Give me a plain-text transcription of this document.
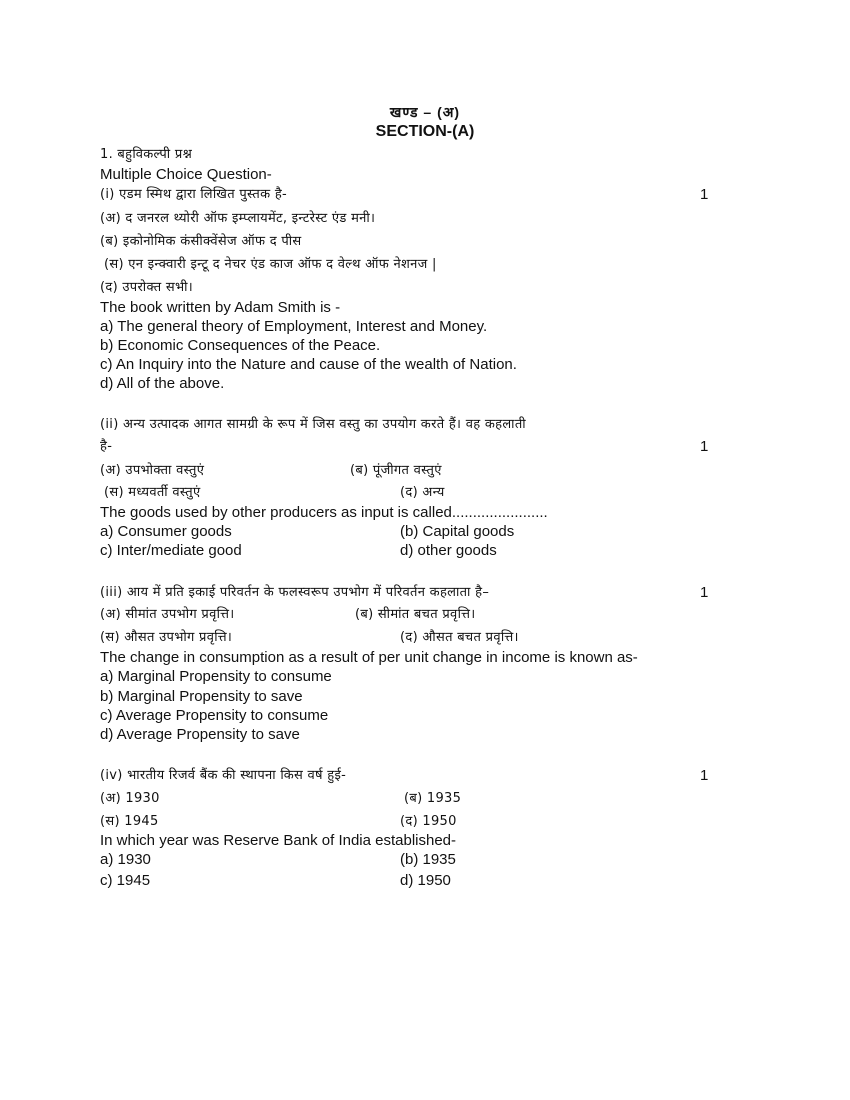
खण्ड – (अ)
SECTION-(A)
1. बहुविकल्पी प्रश्न
Multiple Choice Question-
(i) एडम स्मिथ द्वारा लिखित पुस्तक है-	1
(अ) द जनरल थ्योरी ऑफ इम्प्लायमेंट, इन्टरेस्ट एंड मनी।
(ब) इकोनोमिक कंसीक्वेंसेज ऑफ द पीस
(स) एन इन्क्वारी इन्टू द नेचर एंड काज ऑफ द वेल्थ ऑफ नेशनज |
(द) उपरोक्त सभी।
The book written by Adam Smith is -
a) The general theory of Employment, Interest and Money.
b) Economic Consequences of the Peace.
c) An Inquiry into the Nature and cause of the wealth of Nation.
d) All of the above.
(ii) अन्य उत्पादक आगत सामग्री के रूप में जिस वस्तु का उपयोग करते हैं। वह कहलाती
है-	1
(अ) उपभोक्ता वस्तुएं	(ब) पूंजीगत वस्तुएं
(स) मध्यवर्ती वस्तुएं	(द) अन्य
The goods used by other producers as input is called.......................
a) Consumer goods	(b) Capital goods
c) Inter/mediate good	d) other goods
(iii) आय में प्रति इकाई परिवर्तन के फलस्वरूप उपभोग में परिवर्तन कहलाता है–	1
(अ) सीमांत उपभोग प्रवृत्ति।	(ब) सीमांत बचत प्रवृत्ति।
(स) औसत उपभोग प्रवृत्ति।	(द) औसत बचत प्रवृत्ति।
The change in consumption as a result of per unit change in income is known as-
a) Marginal Propensity to consume
b) Marginal Propensity to save
c) Average Propensity to consume
d) Average Propensity to save
(iv) भारतीय रिजर्व बैंक की स्थापना किस वर्ष हुई-	1
(अ) 1930	(ब) 1935
(स) 1945	(द) 1950
In which year was Reserve Bank of India established-
a) 1930	(b) 1935
c) 1945	d) 1950
